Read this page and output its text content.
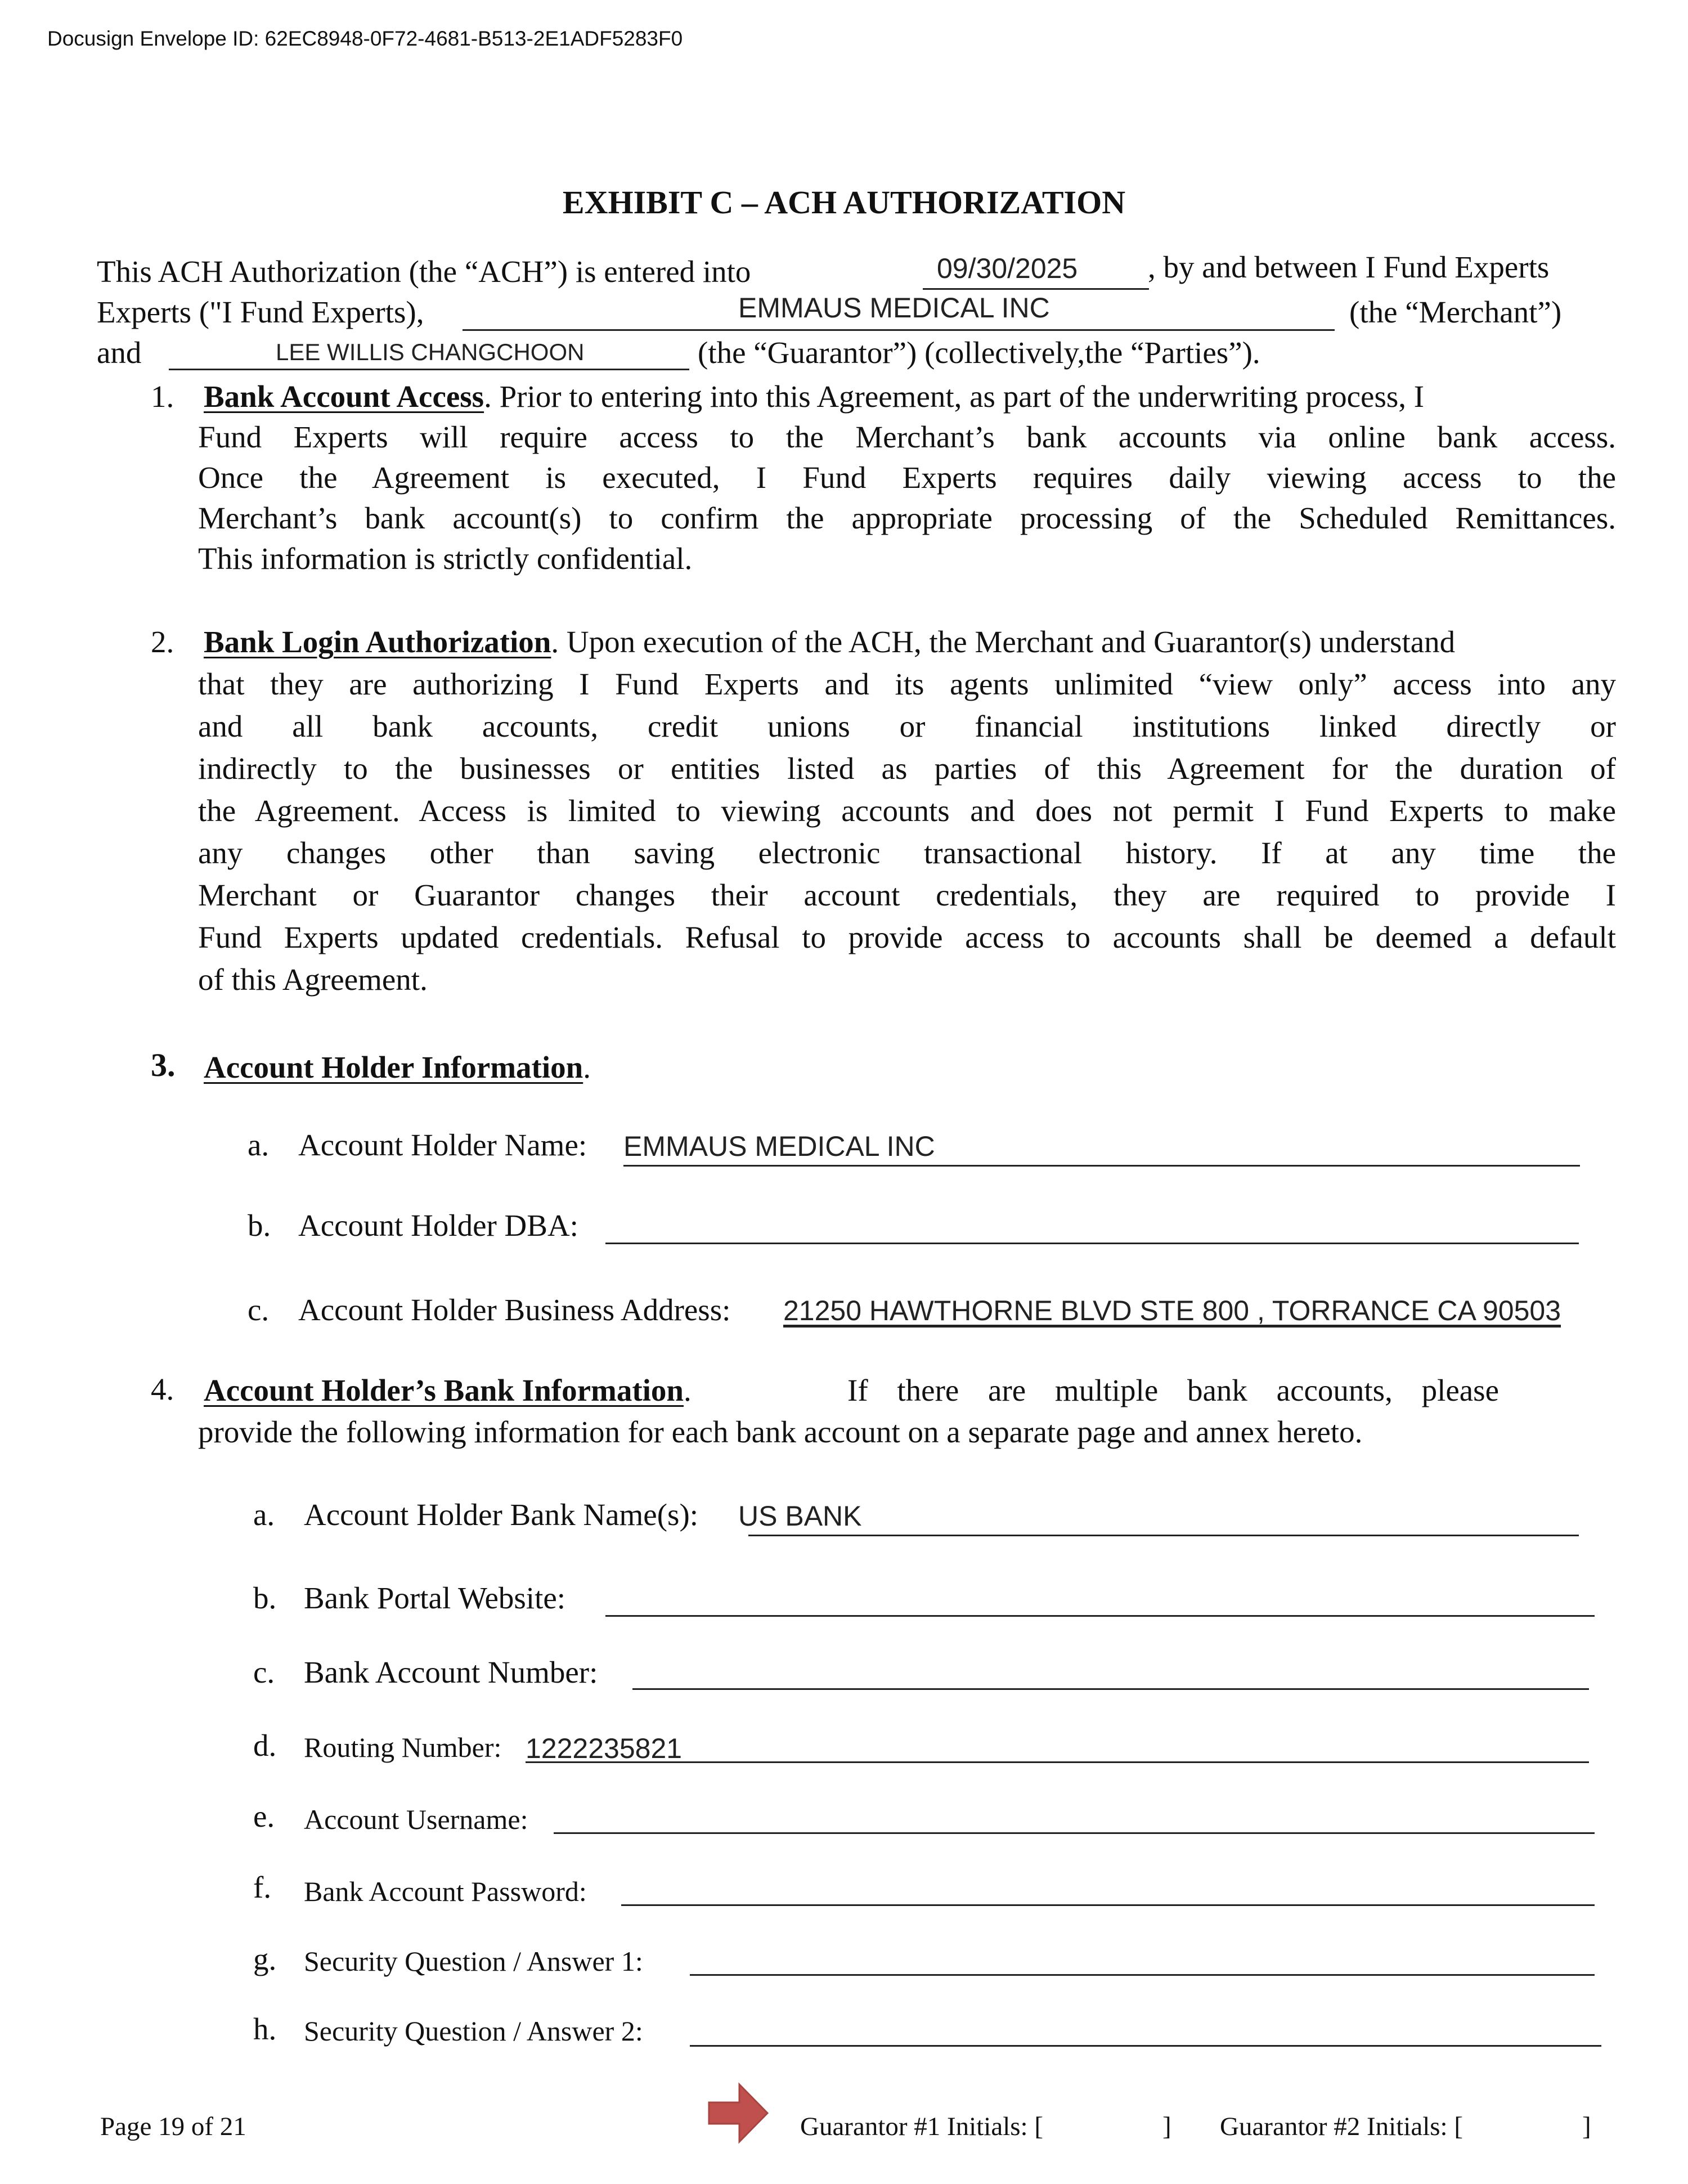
Docusign Envelope ID: 62EC8948-0F72-4681-B513-2E1ADF5283F0
EXHIBIT C – ACH AUTHORIZATION
This ACH Authorization (the “ACH”) is entered into	09/30/2025 , by and between I Fund Experts
Experts ("I Fund Experts),	EMMAUS MEDICAL INC	(the “Merchant”)
and	LEE WILLIS CHANGCHOON	(the “Guarantor”) (collectively,the “Parties”).
1. Bank Account Access. Prior to entering into this Agreement, as part of the underwriting process, I
Fund Experts will require access to the Merchant’s bank accounts via online bank access.
Once the Agreement is executed, I Fund Experts requires daily viewing access to the
Merchant’s bank account(s) to confirm the appropriate processing of the Scheduled Remittances.
This information is strictly confidential.
2. Bank Login Authorization. Upon execution of the ACH, the Merchant and Guarantor(s) understand
that they are authorizing I Fund Experts and its agents unlimited “view only” access into any
and all bank accounts, credit unions or financial institutions linked directly or
indirectly to the businesses or entities listed as parties of this Agreement for the duration of
the Agreement. Access is limited to viewing accounts and does not permit I Fund Experts to make
any changes other than saving electronic transactional history. If at any time the
Merchant or Guarantor changes their account credentials, they are required to provide I
Fund Experts updated credentials. Refusal to provide access to accounts shall be deemed a default
of this Agreement.
3. Account Holder Information.
a. Account Holder Name: EMMAUS MEDICAL INC
b. Account Holder DBA:
c. Account Holder Business Address: 21250 HAWTHORNE BLVD STE 800 , TORRANCE CA 90503
4. Account Holder’s Bank Information.	If there are multiple bank accounts, please
provide the following information for each bank account on a separate page and annex hereto.
a. Account Holder Bank Name(s): US BANK
b. Bank Portal Website:
c. Bank Account Number:
d. Routing Number: 1222235821
e. Account Username:
f. Bank Account Password:
g. Security Question / Answer 1:
h. Security Question / Answer 2:
Page 19 of 21	Guarantor #1 Initials: [	] Guarantor #2 Initials: [	]
